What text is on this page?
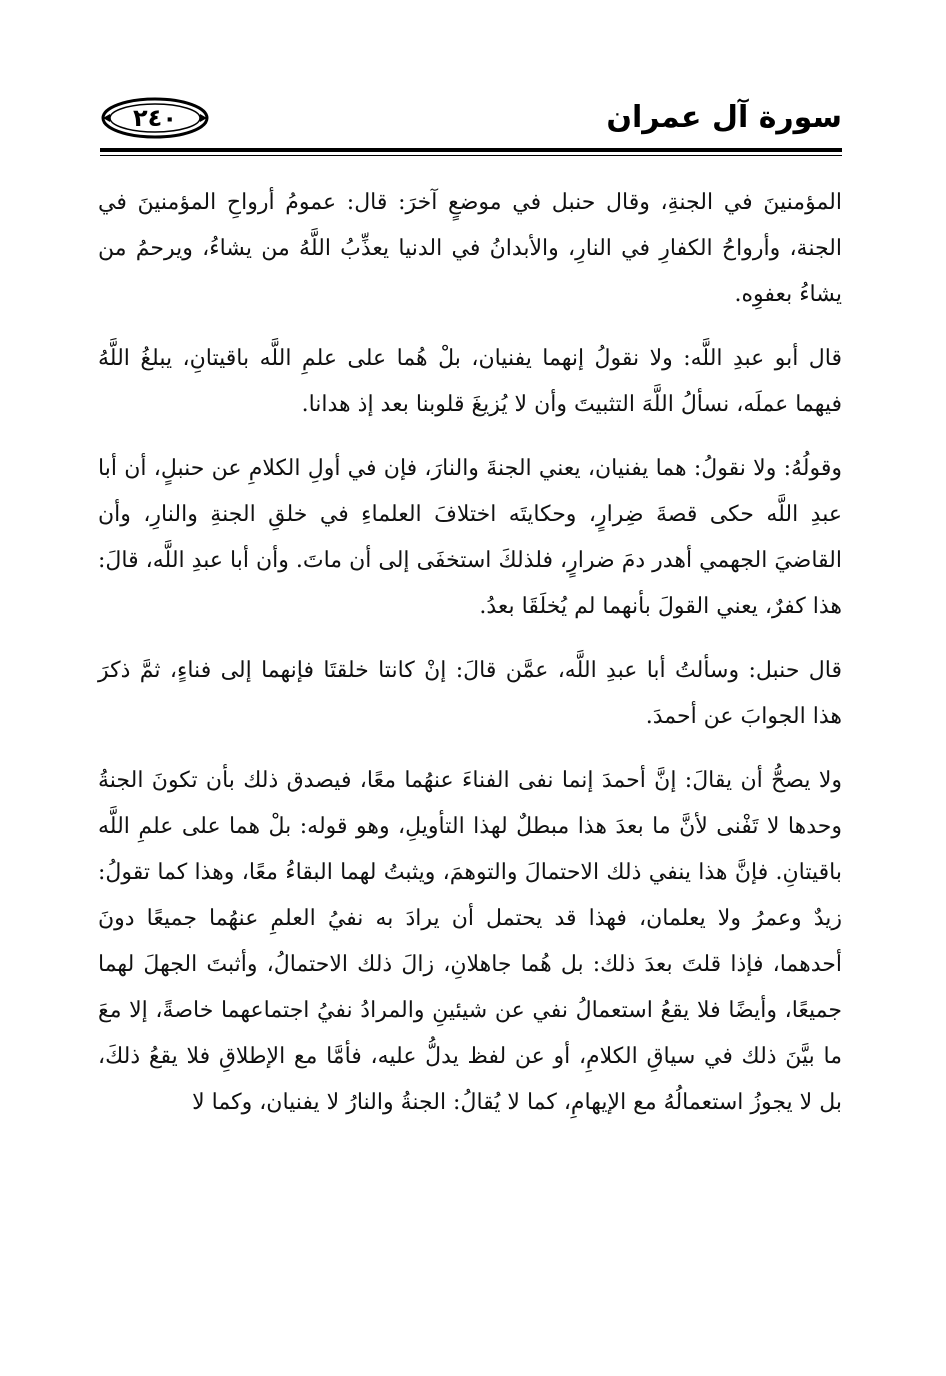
٢٤٠	سورة آل عمران

المؤمنينَ في الجنةِ، وقال حنبل في موضعٍ آخرَ: قال: عمومُ أرواحِ المؤمنينَ في الجنة، وأرواحُ الكفارِ في النارِ، والأبدانُ في الدنيا يعذِّبُ اللَّهُ من يشاءُ، ويرحمُ من يشاءُ بعفوِه.

قال أبو عبدِ اللَّه: ولا نقولُ إنهما يفنيان، بلْ هُما على علمِ اللَّه باقيتانِ، يبلغُ اللَّهُ فيهما عملَه، نسألُ اللَّهَ التثبيتَ وأن لا يُزيغَ قلوبنا بعد إذ هدانا.

وقولُهُ: ولا نقولُ: هما يفنيان، يعني الجنةَ والنارَ، فإن في أولِ الكلامِ عن حنبلٍ، أن أبا عبدِ اللَّه حكى قصةَ ضِرارٍ، وحكايتَه اختلافَ العلماءِ في خلقِ الجنةِ والنارِ، وأن القاضيَ الجهمي أهدر دمَ ضرارٍ، فلذلكَ استخفَى إلى أن ماتَ. وأن أبا عبدِ اللَّه، قالَ: هذا كفرٌ، يعني القولَ بأنهما لم يُخلَقَا بعدُ.

قال حنبل: وسألتُ أبا عبدِ اللَّه، عمَّن قالَ: إنْ كانتا خلقتَا فإنهما إلى فناءٍ، ثمَّ ذكرَ هذا الجوابَ عن أحمدَ.

ولا يصحُّ أن يقالَ: إنَّ أحمدَ إنما نفى الفناءَ عنهُما معًا، فيصدق ذلك بأن تكونَ الجنةُ وحدها لا تَفْنى لأنَّ ما بعدَ هذا مبطلٌ لهذا التأويلِ، وهو قوله: بلْ هما على علمِ اللَّه باقيتانِ. فإنَّ هذا ينفي ذلك الاحتمالَ والتوهمَ، ويثبتُ لهما البقاءُ معًا، وهذا كما تقولُ: زيدٌ وعمرُ ولا يعلمان، فهذا قد يحتمل أن يرادَ به نفيُ العلمِ عنهُما جميعًا دونَ أحدهما، فإذا قلتَ بعدَ ذلك: بل هُما جاهلانِ، زالَ ذلك الاحتمالُ، وأثبتَ الجهلَ لهما جميعًا، وأيضًا فلا يقعُ استعمالُ نفي عن شيئينِ والمرادُ نفيُ اجتماعهما خاصةً، إلا معَ ما بيَّنَ ذلك في سياقِ الكلامِ، أو عن لفظ يدلُّ عليه، فأمَّا مع الإطلاقِ فلا يقعُ ذلكَ، بل لا يجوزُ استعمالُهُ مع الإيهامِ، كما لا يُقالُ: الجنةُ والنارُ لا يفنيان، وكما لا
